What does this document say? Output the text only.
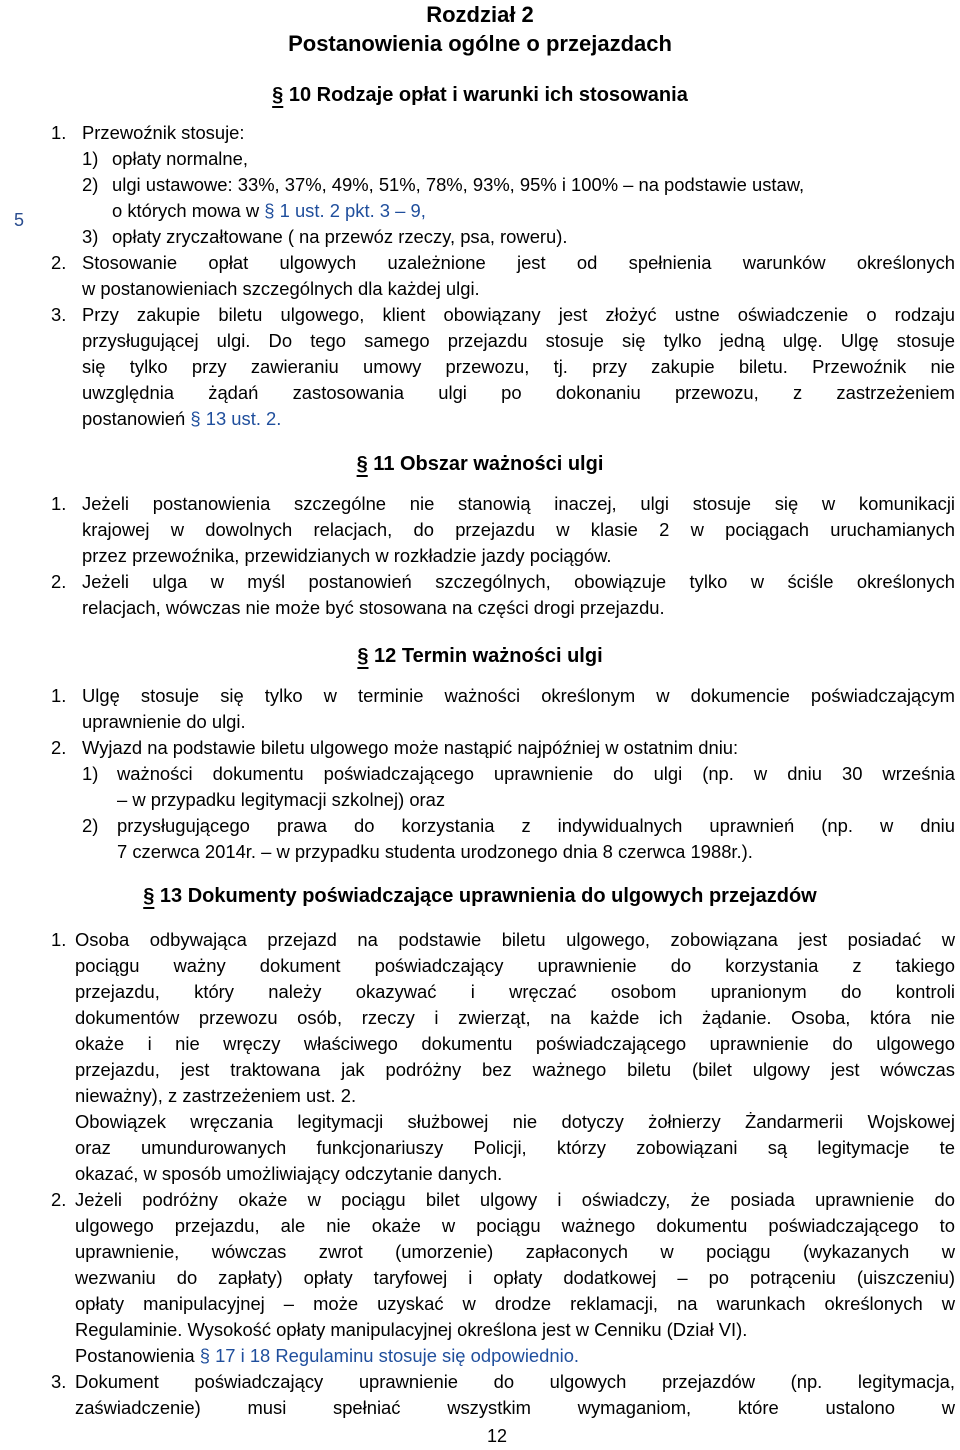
5
12
Rozdział 2
Postanowienia ogólne o przejazdach
§ 10 Rodzaje opłat i warunki ich stosowania
1. Przewoźnik stosuje:
1) opłaty normalne,
2) ulgi ustawowe: 33%, 37%, 49%, 51%, 78%, 93%, 95% i 100% – na podstawie ustaw,
o których mowa w § 1 ust. 2 pkt. 3 – 9,
3) opłaty zryczałtowane ( na przewóz rzeczy, psa, roweru).
2. Stosowanie opłat ulgowych uzależnione jest od spełnienia warunków określonych
w postanowieniach szczególnych dla każdej ulgi.
3. Przy zakupie biletu ulgowego, klient obowiązany jest złożyć ustne oświadczenie o rodzaju
przysługującej ulgi. Do tego samego przejazdu stosuje się tylko jedną ulgę. Ulgę stosuje
się tylko przy zawieraniu umowy przewozu, tj. przy zakupie biletu. Przewoźnik nie
uwzględnia żądań zastosowania ulgi po dokonaniu przewozu, z zastrzeżeniem
postanowień § 13 ust. 2.
§ 11 Obszar ważności ulgi
1. Jeżeli postanowienia szczególne nie stanowią inaczej, ulgi stosuje się w komunikacji
krajowej w dowolnych relacjach, do przejazdu w klasie 2 w pociągach uruchamianych
przez przewoźnika, przewidzianych w rozkładzie jazdy pociągów.
2. Jeżeli ulga w myśl postanowień szczególnych, obowiązuje tylko w ściśle określonych
relacjach, wówczas nie może być stosowana na części drogi przejazdu.
§ 12 Termin ważności ulgi
1. Ulgę stosuje się tylko w terminie ważności określonym w dokumencie poświadczającym
uprawnienie do ulgi.
2. Wyjazd na podstawie biletu ulgowego może nastąpić najpóźniej w ostatnim dniu:
1) ważności dokumentu poświadczającego uprawnienie do ulgi (np. w dniu 30 września
– w przypadku legitymacji szkolnej) oraz
2) przysługującego prawa do korzystania z indywidualnych uprawnień (np. w dniu
7 czerwca 2014r. – w przypadku studenta urodzonego dnia 8 czerwca 1988r.).
§ 13 Dokumenty poświadczające uprawnienia do ulgowych przejazdów
1. Osoba odbywająca przejazd na podstawie biletu ulgowego, zobowiązana jest posiadać w
pociągu ważny dokument poświadczający uprawnienie do korzystania z takiego
przejazdu, który należy okazywać i wręczać osobom upranionym do kontroli
dokumentów przewozu osób, rzeczy i zwierząt, na każde ich żądanie. Osoba, która nie
okaże i nie wręczy właściwego dokumentu poświadczającego uprawnienie do ulgowego
przejazdu, jest traktowana jak podróżny bez ważnego biletu (bilet ulgowy jest wówczas
nieważny), z zastrzeżeniem ust. 2.
Obowiązek wręczania legitymacji służbowej nie dotyczy żołnierzy Żandarmerii Wojskowej
oraz umundurowanych funkcjonariuszy Policji, którzy zobowiązani są legitymacje te
okazać, w sposób umożliwiający odczytanie danych.
2. Jeżeli podróżny okaże w pociągu bilet ulgowy i oświadczy, że posiada uprawnienie do
ulgowego przejazdu, ale nie okaże w pociągu ważnego dokumentu poświadczającego to
uprawnienie, wówczas zwrot (umorzenie) zapłaconych w pociągu (wykazanych w
wezwaniu do zapłaty) opłaty taryfowej i opłaty dodatkowej – po potrąceniu (uiszczeniu)
opłaty manipulacyjnej – może uzyskać w drodze reklamacji, na warunkach określonych w
Regulaminie. Wysokość opłaty manipulacyjnej określona jest w Cenniku (Dział VI).
Postanowienia § 17 i 18 Regulaminu stosuje się odpowiednio.
3. Dokument poświadczający uprawnienie do ulgowych przejazdów (np. legitymacja,
zaświadczenie) musi spełniać wszystkim wymaganiom, które ustalono w
